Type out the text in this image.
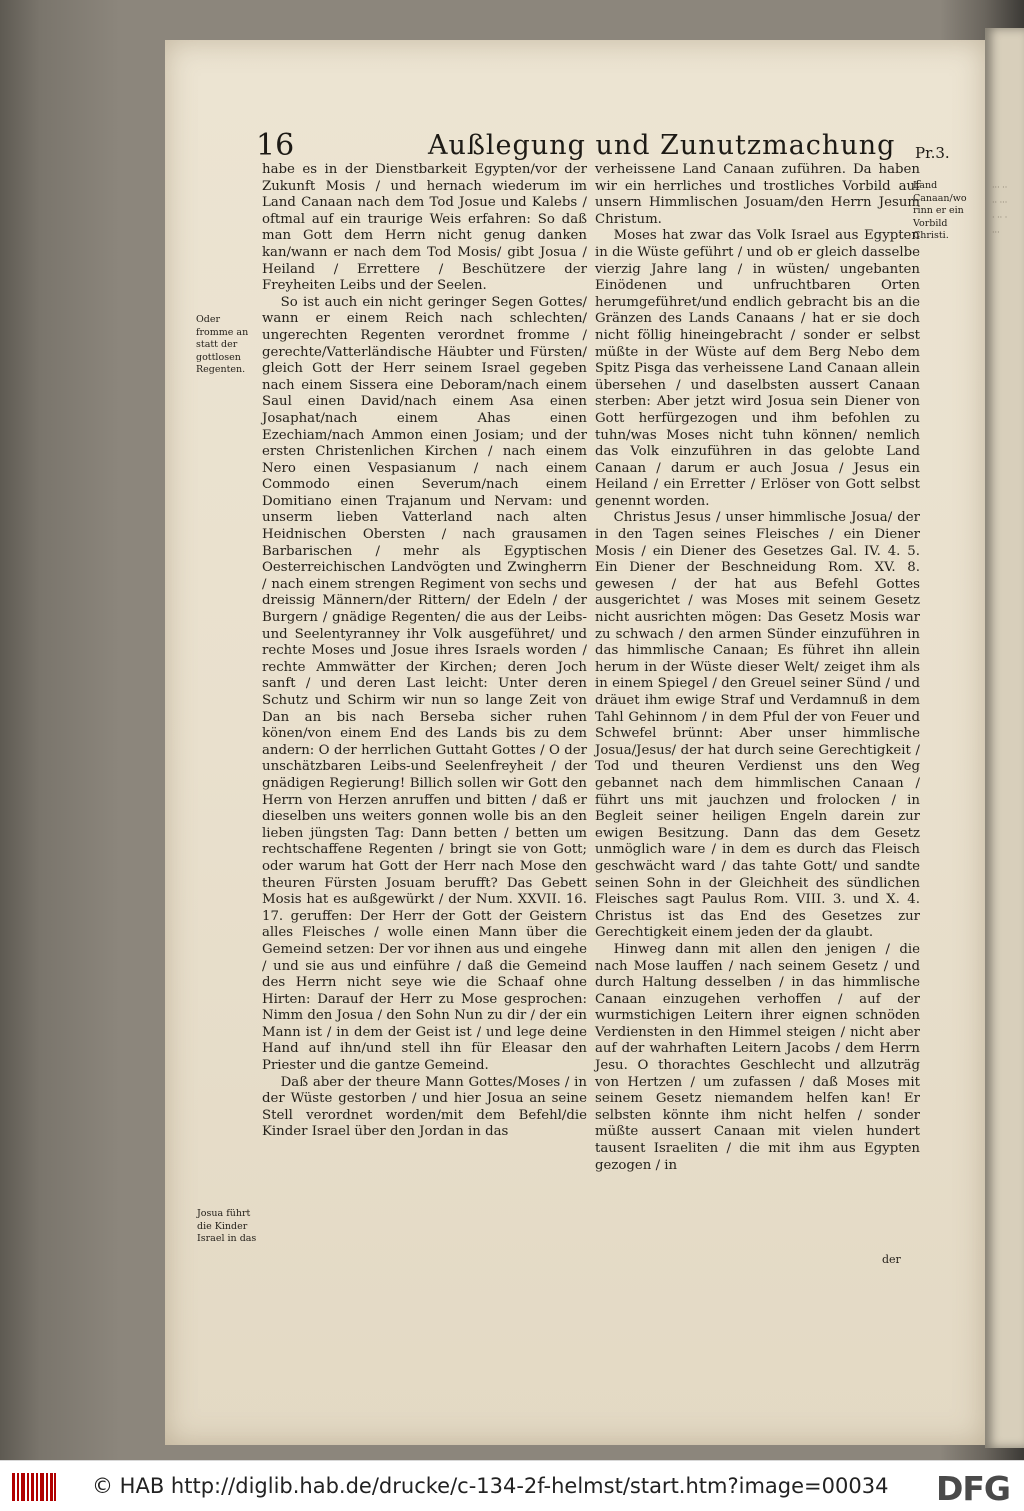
··· ··
·· ···
· ·· ·
···
16	Außlegung und Zunutzmachung Pr.3.
Oder fromme an statt der gottlosen Regenten.
Josua führt die Kinder Israel in das
Land Canaan/wo rinn er ein Vorbild Christi.

habe es in der Dienstbarkeit Egypten/vor der Zukunft Mosis / und hernach wiederum im Land Canaan nach dem Tod Josue und Kalebs / oftmal auf ein traurige Weis erfahren: So daß man Gott dem Herrn nicht genug danken kan/wann er nach dem Tod Mosis/ gibt Josua / Heiland / Errettere / Beschützere der Freyheiten Leibs und der Seelen.

So ist auch ein nicht geringer Segen Gottes/ wann er einem Reich nach schlechten/ ungerechten Regenten verordnet fromme / gerechte/Vatterländische Häubter und Fürsten/ gleich Gott der Herr seinem Israel gegeben nach einem Sissera eine Deboram/nach einem Saul einen David/nach einem Asa einen Josaphat/nach einem Ahas einen Ezechiam/nach Ammon einen Josiam; und der ersten Christenlichen Kirchen / nach einem Nero einen Vespasianum / nach einem Commodo einen Severum/nach einem Domitiano einen Trajanum und Nervam: und unserm lieben Vatterland nach alten Heidnischen Obersten / nach grausamen Barbarischen / mehr als Egyptischen Oesterreichischen Landvögten und Zwingherrn / nach einem strengen Regiment von sechs und dreissig Männern/der Rittern/ der Edeln / der Burgern / gnädige Regenten/ die aus der Leibs-und Seelentyranney ihr Volk ausgeführet/ und rechte Moses und Josue ihres Israels worden / rechte Ammwätter der Kirchen; deren Joch sanft / und deren Last leicht: Unter deren Schutz und Schirm wir nun so lange Zeit von Dan an bis nach Berseba sicher ruhen könen/von einem End des Lands bis zu dem andern: O der herrlichen Guttaht Gottes / O der unschätzbaren Leibs-und Seelenfreyheit / der gnädigen Regierung! Billich sollen wir Gott den Herrn von Herzen anruffen und bitten / daß er dieselben uns weiters gonnen wolle bis an den lieben jüngsten Tag: Dann betten / betten um rechtschaffene Regenten / bringt sie von Gott; oder warum hat Gott der Herr nach Mose den theuren Fürsten Josuam berufft? Das Gebett Mosis hat es außgewürkt / der Num. XXVII. 16. 17. geruffen: Der Herr der Gott der Geistern alles Fleisches / wolle einen Mann über die Gemeind setzen: Der vor ihnen aus und eingehe / und sie aus und einführe / daß die Gemeind des Herrn nicht seye wie die Schaaf ohne Hirten: Darauf der Herr zu Mose gesprochen: Nimm den Josua / den Sohn Nun zu dir / der ein Mann ist / in dem der Geist ist / und lege deine Hand auf ihn/und stell ihn für Eleasar den Priester und die gantze Gemeind.

Daß aber der theure Mann Gottes/Moses / in der Wüste gestorben / und hier Josua an seine Stell verordnet worden/mit dem Befehl/die Kinder Israel über den Jordan in das

verheissene Land Canaan zuführen. Da haben wir ein herrliches und trostliches Vorbild auf unsern Himmlischen Josuam/den Herrn Jesum Christum.

Moses hat zwar das Volk Israel aus Egypten in die Wüste geführt / und ob er gleich dasselbe vierzig Jahre lang / in wüsten/ ungebanten Einödenen und unfruchtbaren Orten herumgeführet/und endlich gebracht bis an die Gränzen des Lands Canaans / hat er sie doch nicht föllig hineingebracht / sonder er selbst müßte in der Wüste auf dem Berg Nebo dem Spitz Pisga das verheissene Land Canaan allein übersehen / und daselbsten aussert Canaan sterben: Aber jetzt wird Josua sein Diener von Gott herfürgezogen und ihm befohlen zu tuhn/was Moses nicht tuhn können/ nemlich das Volk einzuführen in das gelobte Land Canaan / darum er auch Josua / Jesus ein Heiland / ein Erretter / Erlöser von Gott selbst genennt worden.

Christus Jesus / unser himmlische Josua/ der in den Tagen seines Fleisches / ein Diener Mosis / ein Diener des Gesetzes Gal. IV. 4. 5. Ein Diener der Beschneidung Rom. XV. 8. gewesen / der hat aus Befehl Gottes ausgerichtet / was Moses mit seinem Gesetz nicht ausrichten mögen: Das Gesetz Mosis war zu schwach / den armen Sünder einzuführen in das himmlische Canaan; Es führet ihn allein herum in der Wüste dieser Welt/ zeiget ihm als in einem Spiegel / den Greuel seiner Sünd / und dräuet ihm ewige Straf und Verdamnuß in dem Tahl Gehinnom / in dem Pful der von Feuer und Schwefel brünnt: Aber unser himmlische Josua/Jesus/ der hat durch seine Gerechtigkeit / Tod und theuren Verdienst uns den Weg gebannet nach dem himmlischen Canaan / führt uns mit jauchzen und frolocken / in Begleit seiner heiligen Engeln darein zur ewigen Besitzung. Dann das dem Gesetz unmöglich ware / in dem es durch das Fleisch geschwächt ward / das tahte Gott/ und sandte seinen Sohn in der Gleichheit des sündlichen Fleisches sagt Paulus Rom. VIII. 3. und X. 4. Christus ist das End des Gesetzes zur Gerechtigkeit einem jeden der da glaubt.

Hinweg dann mit allen den jenigen / die nach Mose lauffen / nach seinem Gesetz / und durch Haltung desselben / in das himmlische Canaan einzugehen verhoffen / auf der wurmstichigen Leitern ihrer eignen schnöden Verdiensten in den Himmel steigen / nicht aber auf der wahrhaften Leitern Jacobs / dem Herrn Jesu. O thorachtes Geschlecht und allzuträg von Hertzen / um zufassen / daß Moses mit seinem Gesetz niemandem helfen kan! Er selbsten könnte ihm nicht helfen / sonder müßte aussert Canaan mit vielen hundert tausent Israeliten / die mit ihm aus Egypten gezogen / in

der
© HAB http://diglib.hab.de/drucke/c-134-2f-helmst/start.htm?image=00034 DFG
